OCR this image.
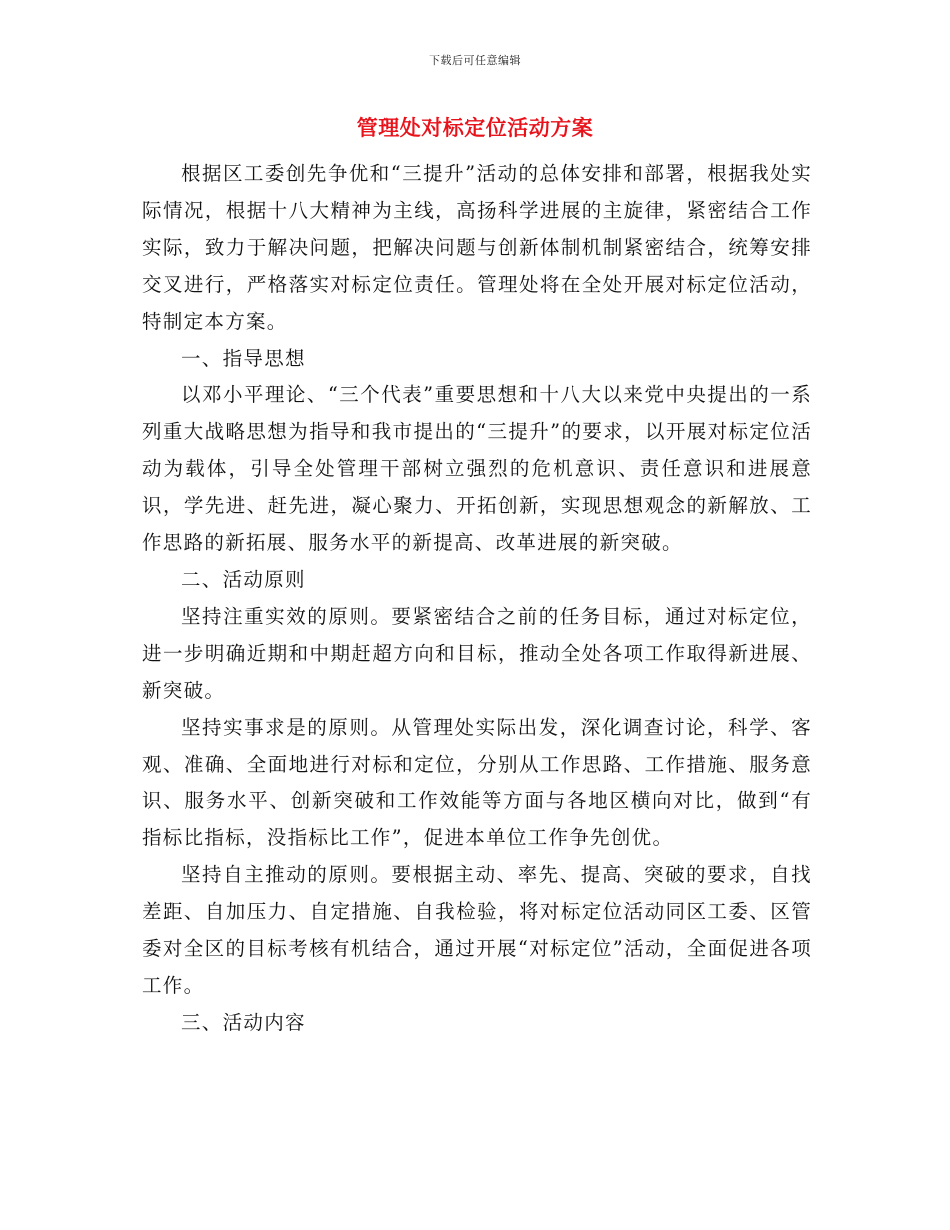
下载后可任意编辑
管理处对标定位活动方案

根据区工委创先争优和“三提升”活动的总体安排和部署，根据我处实际情况，根据十八大精神为主线，高扬科学进展的主旋律，紧密结合工作实际，致力于解决问题，把解决问题与创新体制机制紧密结合，统筹安排交叉进行，严格落实对标定位责任。管理处将在全处开展对标定位活动，特制定本方案。

一、指导思想

以邓小平理论、“三个代表”重要思想和十八大以来党中央提出的一系列重大战略思想为指导和我市提出的“三提升”的要求，以开展对标定位活动为载体，引导全处管理干部树立强烈的危机意识、责任意识和进展意识，学先进、赶先进，凝心聚力、开拓创新，实现思想观念的新解放、工作思路的新拓展、服务水平的新提高、改革进展的新突破。

二、活动原则

坚持注重实效的原则。要紧密结合之前的任务目标，通过对标定位，进一步明确近期和中期赶超方向和目标，推动全处各项工作取得新进展、新突破。

坚持实事求是的原则。从管理处实际出发，深化调查讨论，科学、客观、准确、全面地进行对标和定位，分别从工作思路、工作措施、服务意识、服务水平、创新突破和工作效能等方面与各地区横向对比，做到“有指标比指标，没指标比工作”，促进本单位工作争先创优。

坚持自主推动的原则。要根据主动、率先、提高、突破的要求，自找差距、自加压力、自定措施、自我检验，将对标定位活动同区工委、区管委对全区的目标考核有机结合，通过开展“对标定位”活动，全面促进各项工作。

三、活动内容
